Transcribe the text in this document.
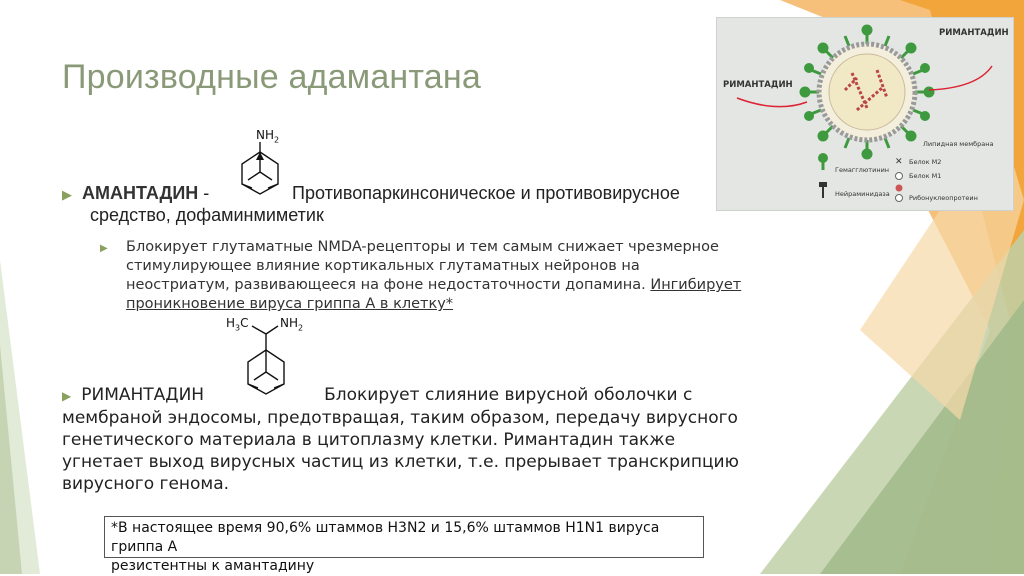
Производные адамантана
$NH_2$
▶ АМАНТАДИН -	Противопаркинсоническое и противовирусное
средство, дофаминмиметик
▶ Блокирует глутаматные NMDA-рецепторы и тем самым снижает чрезмерное стимулирующее влияние кортикальных глутаматных нейронов на неостриатум, развивающееся на фоне недостаточности допамина. Ингибирует проникновение вируса гриппа А в клетку*
$H_3C$	$NH_2$
▶ РИМАНТАДИН	Блокирует слияние вирусной оболочки с
мембраной эндосомы, предотвращая, таким образом, передачу вирусного
генетического материала в цитоплазму клетки. Римантадин также
угнетает выход вирусных частиц из клетки, т.е. прерывает транскрипцию
вирусного генома.
*В настоящее время 90,6% штаммов H3N2 и 15,6% штаммов H1N1 вируса гриппа А
резистентны к амантадину
✕
РИМАНТАДИН
РИМАНТАДИН
Липидная мембрана
Гемагглютинин
Нейраминидаза
Белок М2
Белок М1
Рибонуклеопротеин
